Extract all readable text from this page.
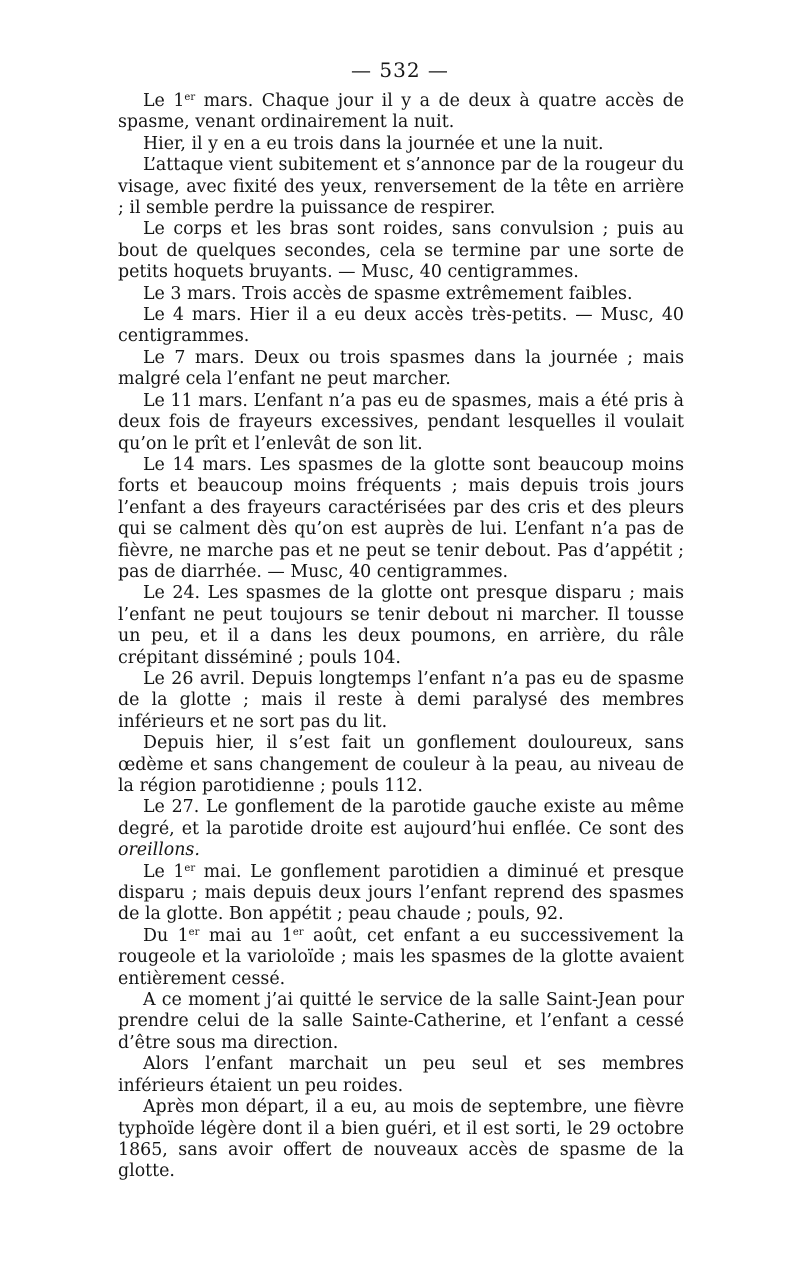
— 532 —

Le 1er mars. Chaque jour il y a de deux à quatre accès de spasme, venant ordinairement la nuit.

Hier, il y en a eu trois dans la journée et une la nuit.

L’attaque vient subitement et s’annonce par de la rougeur du visage, avec fixité des yeux, renversement de la tête en arrière ; il semble perdre la puissance de respirer.

Le corps et les bras sont roides, sans convulsion ; puis au bout de quelques secondes, cela se termine par une sorte de petits hoquets bruyants. — Musc, 40 centigrammes.

Le 3 mars. Trois accès de spasme extrêmement faibles.

Le 4 mars. Hier il a eu deux accès très-petits. — Musc, 40 centigrammes.

Le 7 mars. Deux ou trois spasmes dans la journée ; mais malgré cela l’enfant ne peut marcher.

Le 11 mars. L’enfant n’a pas eu de spasmes, mais a été pris à deux fois de frayeurs excessives, pendant lesquelles il voulait qu’on le prît et l’enlevât de son lit.

Le 14 mars. Les spasmes de la glotte sont beaucoup moins forts et beaucoup moins fréquents ; mais depuis trois jours l’enfant a des frayeurs caractérisées par des cris et des pleurs qui se calment dès qu’on est auprès de lui. L’enfant n’a pas de fièvre, ne marche pas et ne peut se tenir debout. Pas d’appétit ; pas de diarrhée. — Musc, 40 centigrammes.

Le 24. Les spasmes de la glotte ont presque disparu ; mais l’enfant ne peut toujours se tenir debout ni marcher. Il tousse un peu, et il a dans les deux poumons, en arrière, du râle crépitant disséminé ; pouls 104.

Le 26 avril. Depuis longtemps l’enfant n’a pas eu de spasme de la glotte ; mais il reste à demi paralysé des membres inférieurs et ne sort pas du lit.

Depuis hier, il s’est fait un gonflement douloureux, sans œdème et sans changement de couleur à la peau, au niveau de la région parotidienne ; pouls 112.

Le 27. Le gonflement de la parotide gauche existe au même degré, et la parotide droite est aujourd’hui enflée. Ce sont des oreillons.

Le 1er mai. Le gonflement parotidien a diminué et presque disparu ; mais depuis deux jours l’enfant reprend des spasmes de la glotte. Bon appétit ; peau chaude ; pouls, 92.

Du 1er mai au 1er août, cet enfant a eu successivement la rougeole et la varioloïde ; mais les spasmes de la glotte avaient entièrement cessé.

A ce moment j’ai quitté le service de la salle Saint-Jean pour prendre celui de la salle Sainte-Catherine, et l’enfant a cessé d’être sous ma direction.

Alors l’enfant marchait un peu seul et ses membres inférieurs étaient un peu roides.

Après mon départ, il a eu, au mois de septembre, une fièvre typhoïde légère dont il a bien guéri, et il est sorti, le 29 octobre 1865, sans avoir offert de nouveaux accès de spasme de la glotte.
